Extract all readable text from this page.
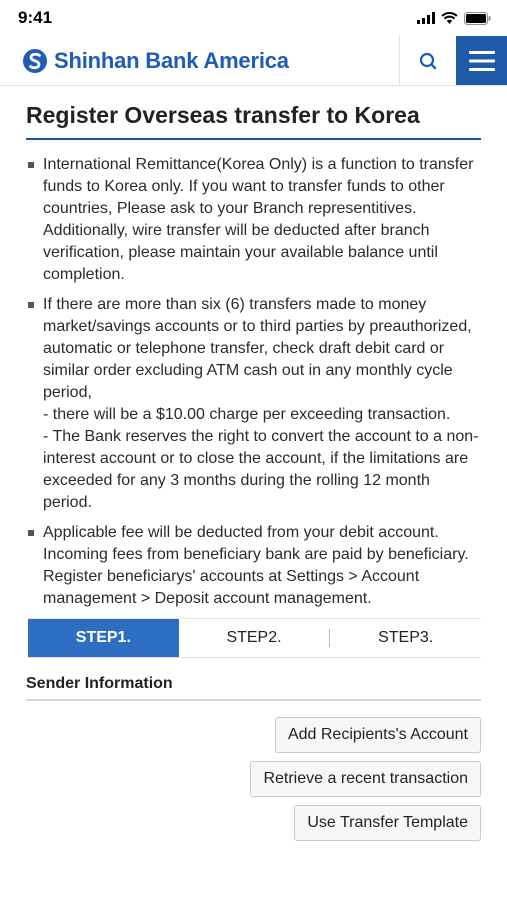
9:41
Shinhan Bank America
Register Overseas transfer to Korea

International Remittance(Korea Only) is a function to transfer funds to Korea only. If you want to transfer funds to other countries, Please ask to your Branch representitives.

Additionally, wire transfer will be deducted after branch verification, please maintain your available balance until completion.

If there are more than six (6) transfers made to money market/savings accounts or to third parties by preauthorized, automatic or telephone transfer, check draft debit card or similar order excluding ATM cash out in any monthly cycle period,

- there will be a $10.00 charge per exceeding transaction.

- The Bank reserves the right to convert the account to a non-interest account or to close the account, if the limitations are exceeded for any 3 months during the rolling 12 month period.

Applicable fee will be deducted from your debit account. Incoming fees from beneficiary bank are paid by beneficiary.

Register beneficiarys' accounts at Settings > Account management > Deposit account management.

STEP1.	STEP2.	STEP3.
Sender Information
Add Recipients's Account
Retrieve a recent transaction
Use Transfer Template
